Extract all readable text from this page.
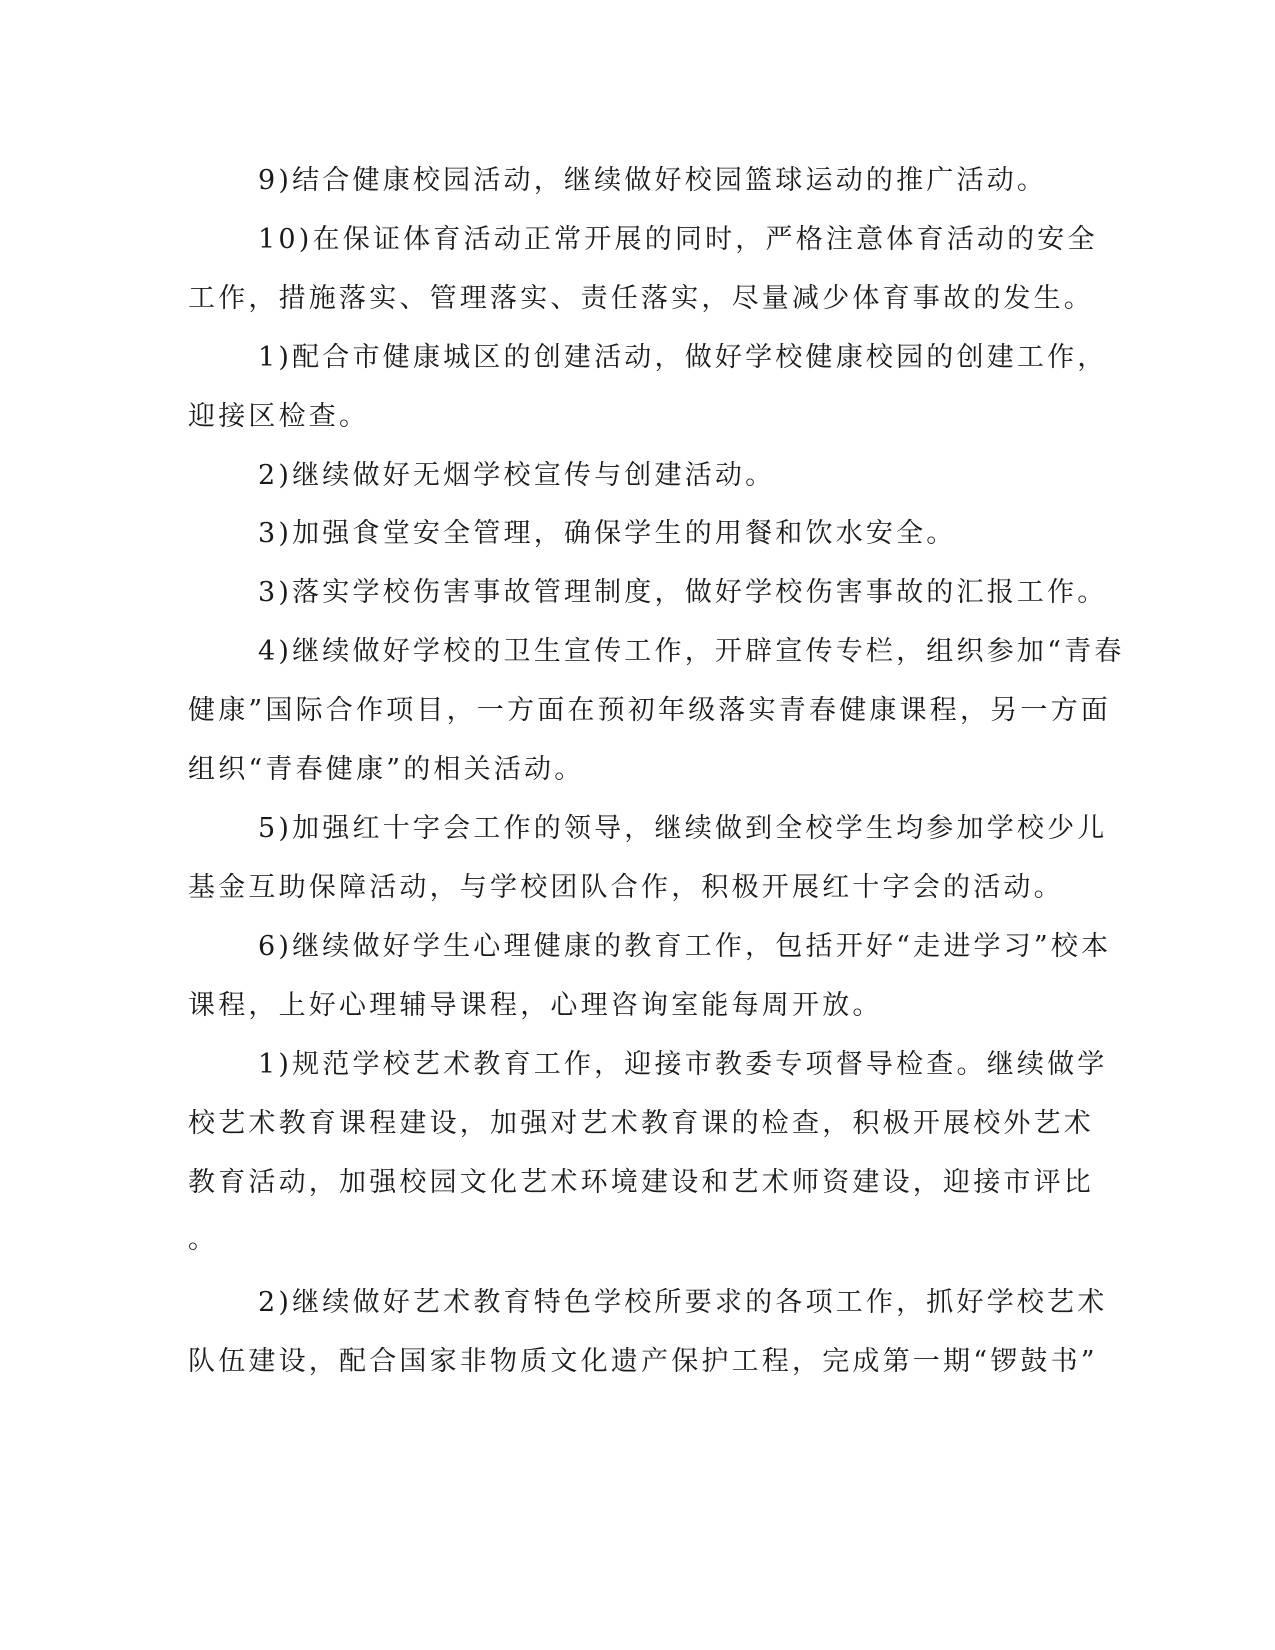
9)结合健康校园活动，继续做好校园篮球运动的推广活动。
10)在保证体育活动正常开展的同时，严格注意体育活动的安全
工作，措施落实、管理落实、责任落实，尽量减少体育事故的发生。
1)配合市健康城区的创建活动，做好学校健康校园的创建工作，
迎接区检查。
2)继续做好无烟学校宣传与创建活动。
3)加强食堂安全管理，确保学生的用餐和饮水安全。
3)落实学校伤害事故管理制度，做好学校伤害事故的汇报工作。
4)继续做好学校的卫生宣传工作，开辟宣传专栏，组织参加“青春
健康”国际合作项目，一方面在预初年级落实青春健康课程，另一方面
组织“青春健康”的相关活动。
5)加强红十字会工作的领导，继续做到全校学生均参加学校少儿
基金互助保障活动，与学校团队合作，积极开展红十字会的活动。
6)继续做好学生心理健康的教育工作，包括开好“走进学习”校本
课程，上好心理辅导课程，心理咨询室能每周开放。
1)规范学校艺术教育工作，迎接市教委专项督导检查。继续做学
校艺术教育课程建设，加强对艺术教育课的检查，积极开展校外艺术
教育活动，加强校园文化艺术环境建设和艺术师资建设，迎接市评比
。
2)继续做好艺术教育特色学校所要求的各项工作，抓好学校艺术
队伍建设，配合国家非物质文化遗产保护工程，完成第一期“锣鼓书”
